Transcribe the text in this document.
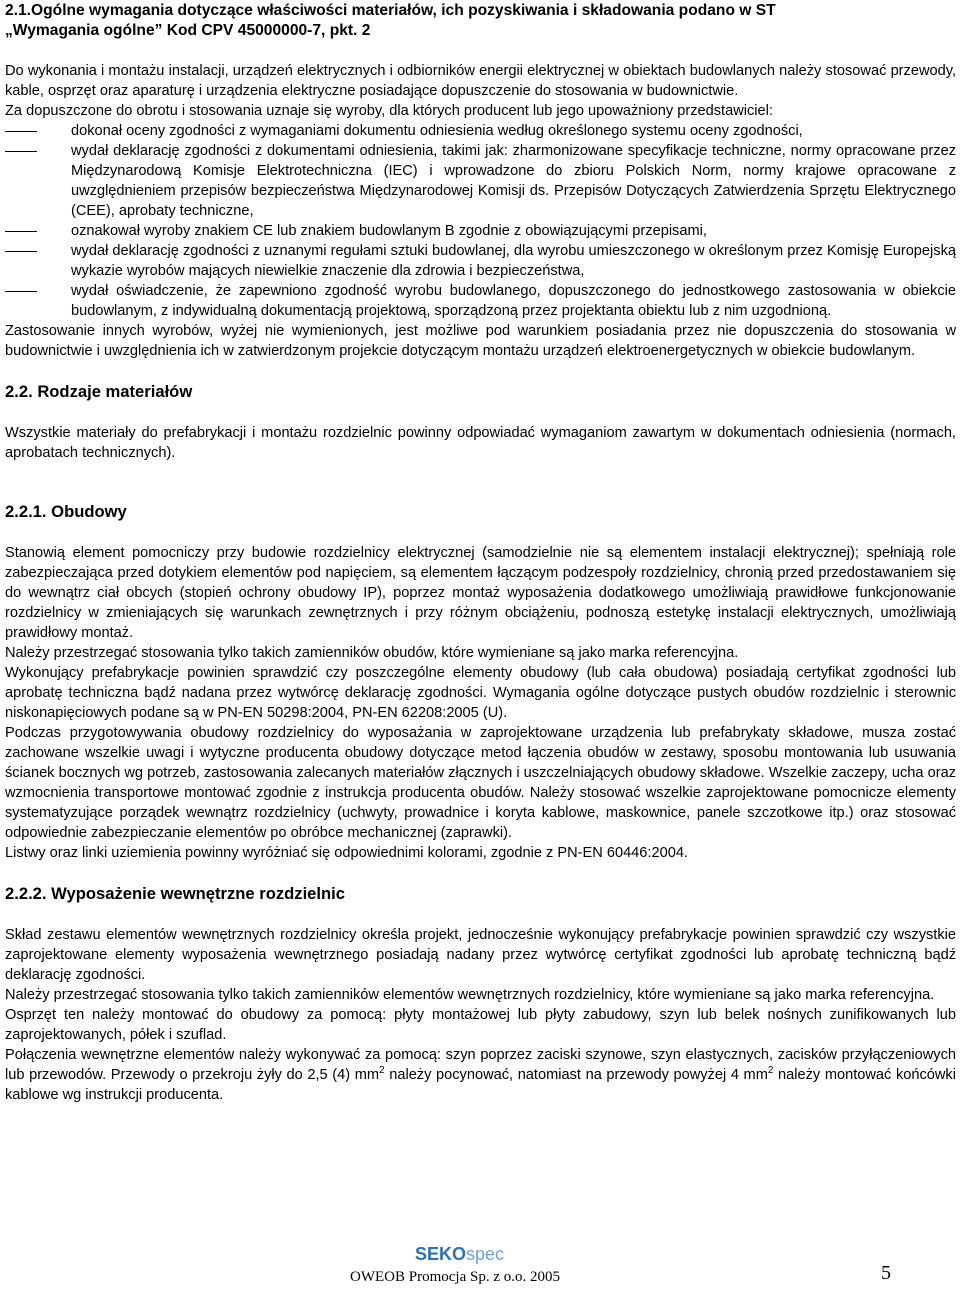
2.1.Ogólne wymagania dotyczące właściwości materiałów, ich pozyskiwania i składowania podano w ST
„Wymagania ogólne” Kod CPV 45000000-7, pkt. 2

Do wykonania i montażu instalacji, urządzeń elektrycznych i odbiorników energii elektrycznej w obiektach budowlanych należy stosować przewody, kable, osprzęt oraz aparaturę i urządzenia elektryczne posiadające dopuszczenie do stosowania w budownictwie.

Za dopuszczone do obrotu i stosowania uznaje się wyroby, dla których producent lub jego upoważniony przedstawiciel:

dokonał oceny zgodności z wymaganiami dokumentu odniesienia według określonego systemu oceny zgodności,
wydał deklarację zgodności z dokumentami odniesienia, takimi jak: zharmonizowane specyfikacje techniczne, normy opracowane przez Międzynarodową Komisje Elektrotechniczna (IEC) i wprowadzone do zbioru Polskich Norm, normy krajowe opracowane z uwzględnieniem przepisów bezpieczeństwa Międzynarodowej Komisji ds. Przepisów Dotyczących Zatwierdzenia Sprzętu Elektrycznego (CEE), aprobaty techniczne,
oznakował wyroby znakiem CE lub znakiem budowlanym B zgodnie z obowiązującymi przepisami,
wydał deklarację zgodności z uznanymi regułami sztuki budowlanej, dla wyrobu umieszczonego w określonym przez Komisję Europejską wykazie wyrobów mających niewielkie znaczenie dla zdrowia i bezpieczeństwa,
wydał oświadczenie, że zapewniono zgodność wyrobu budowlanego, dopuszczonego do jednostkowego zastosowania w obiekcie budowlanym, z indywidualną dokumentacją projektową, sporządzoną przez projektanta obiektu lub z nim uzgodnioną.

Zastosowanie innych wyrobów, wyżej nie wymienionych, jest możliwe pod warunkiem posiadania przez nie dopuszczenia do stosowania w budownictwie i uwzględnienia ich w zatwierdzonym projekcie dotyczącym montażu urządzeń elektroenergetycznych w obiekcie budowlanym.

2.2. Rodzaje materiałów

Wszystkie materiały do prefabrykacji i montażu rozdzielnic powinny odpowiadać wymaganiom zawartym w dokumentach odniesienia (normach, aprobatach technicznych).

2.2.1. Obudowy

Stanowią element pomocniczy przy budowie rozdzielnicy elektrycznej (samodzielnie nie są elementem instalacji elektrycznej); spełniają role zabezpieczająca przed dotykiem elementów pod napięciem, są elementem łączącym podzespoły rozdzielnicy, chronią przed przedostawaniem się do wewnątrz ciał obcych (stopień ochrony obudowy IP), poprzez montaż wyposażenia dodatkowego umożliwiają prawidłowe funkcjonowanie rozdzielnicy w zmieniających się warunkach zewnętrznych i przy różnym obciążeniu, podnoszą estetykę instalacji elektrycznych, umożliwiają prawidłowy montaż.

Należy przestrzegać stosowania tylko takich zamienników obudów, które wymieniane są jako marka referencyjna.

Wykonujący prefabrykacje powinien sprawdzić czy poszczególne elementy obudowy (lub cała obudowa) posiadają certyfikat zgodności lub aprobatę techniczna bądź nadana przez wytwórcę deklarację zgodności. Wymagania ogólne dotyczące pustych obudów rozdzielnic i sterownic niskonapięciowych podane są w PN-EN 50298:2004, PN-EN 62208:2005 (U).

Podczas przygotowywania obudowy rozdzielnicy do wyposażania w zaprojektowane urządzenia lub prefabrykaty składowe, musza zostać zachowane wszelkie uwagi i wytyczne producenta obudowy dotyczące metod łączenia obudów w zestawy, sposobu montowania lub usuwania ścianek bocznych wg potrzeb, zastosowania zalecanych materiałów złącznych i uszczelniających obudowy składowe. Wszelkie zaczepy, ucha oraz wzmocnienia transportowe montować zgodnie z instrukcja producenta obudów. Należy stosować wszelkie zaprojektowane pomocnicze elementy systematyzujące porządek wewnątrz rozdzielnicy (uchwyty, prowadnice i koryta kablowe, maskownice, panele szczotkowe itp.) oraz stosować odpowiednie zabezpieczanie elementów po obróbce mechanicznej (zaprawki).

Listwy oraz linki uziemienia powinny wyróżniać się odpowiednimi kolorami, zgodnie z PN-EN 60446:2004.

2.2.2. Wyposażenie wewnętrzne rozdzielnic

Skład zestawu elementów wewnętrznych rozdzielnicy określa projekt, jednocześnie wykonujący prefabrykacje powinien sprawdzić czy wszystkie zaprojektowane elementy wyposażenia wewnętrznego posiadają nadany przez wytwórcę certyfikat zgodności lub aprobatę techniczną bądź deklarację zgodności.

Należy przestrzegać stosowania tylko takich zamienników elementów wewnętrznych rozdzielnicy, które wymieniane są jako marka referencyjna.

Osprzęt ten należy montować do obudowy za pomocą: płyty montażowej lub płyty zabudowy, szyn lub belek nośnych zunifikowanych lub zaprojektowanych, półek i szuflad.

Połączenia wewnętrzne elementów należy wykonywać za pomocą: szyn poprzez zaciski szynowe, szyn elastycznych, zacisków przyłączeniowych lub przewodów. Przewody o przekroju żyły do 2,5 (4) $mm^2$ należy pocynować, natomiast na przewody powyżej 4 $mm^2$ należy montować końcówki kablowe wg instrukcji producenta.

SEKOspec
OWEOB Promocja Sp. z o.o. 2005	5
